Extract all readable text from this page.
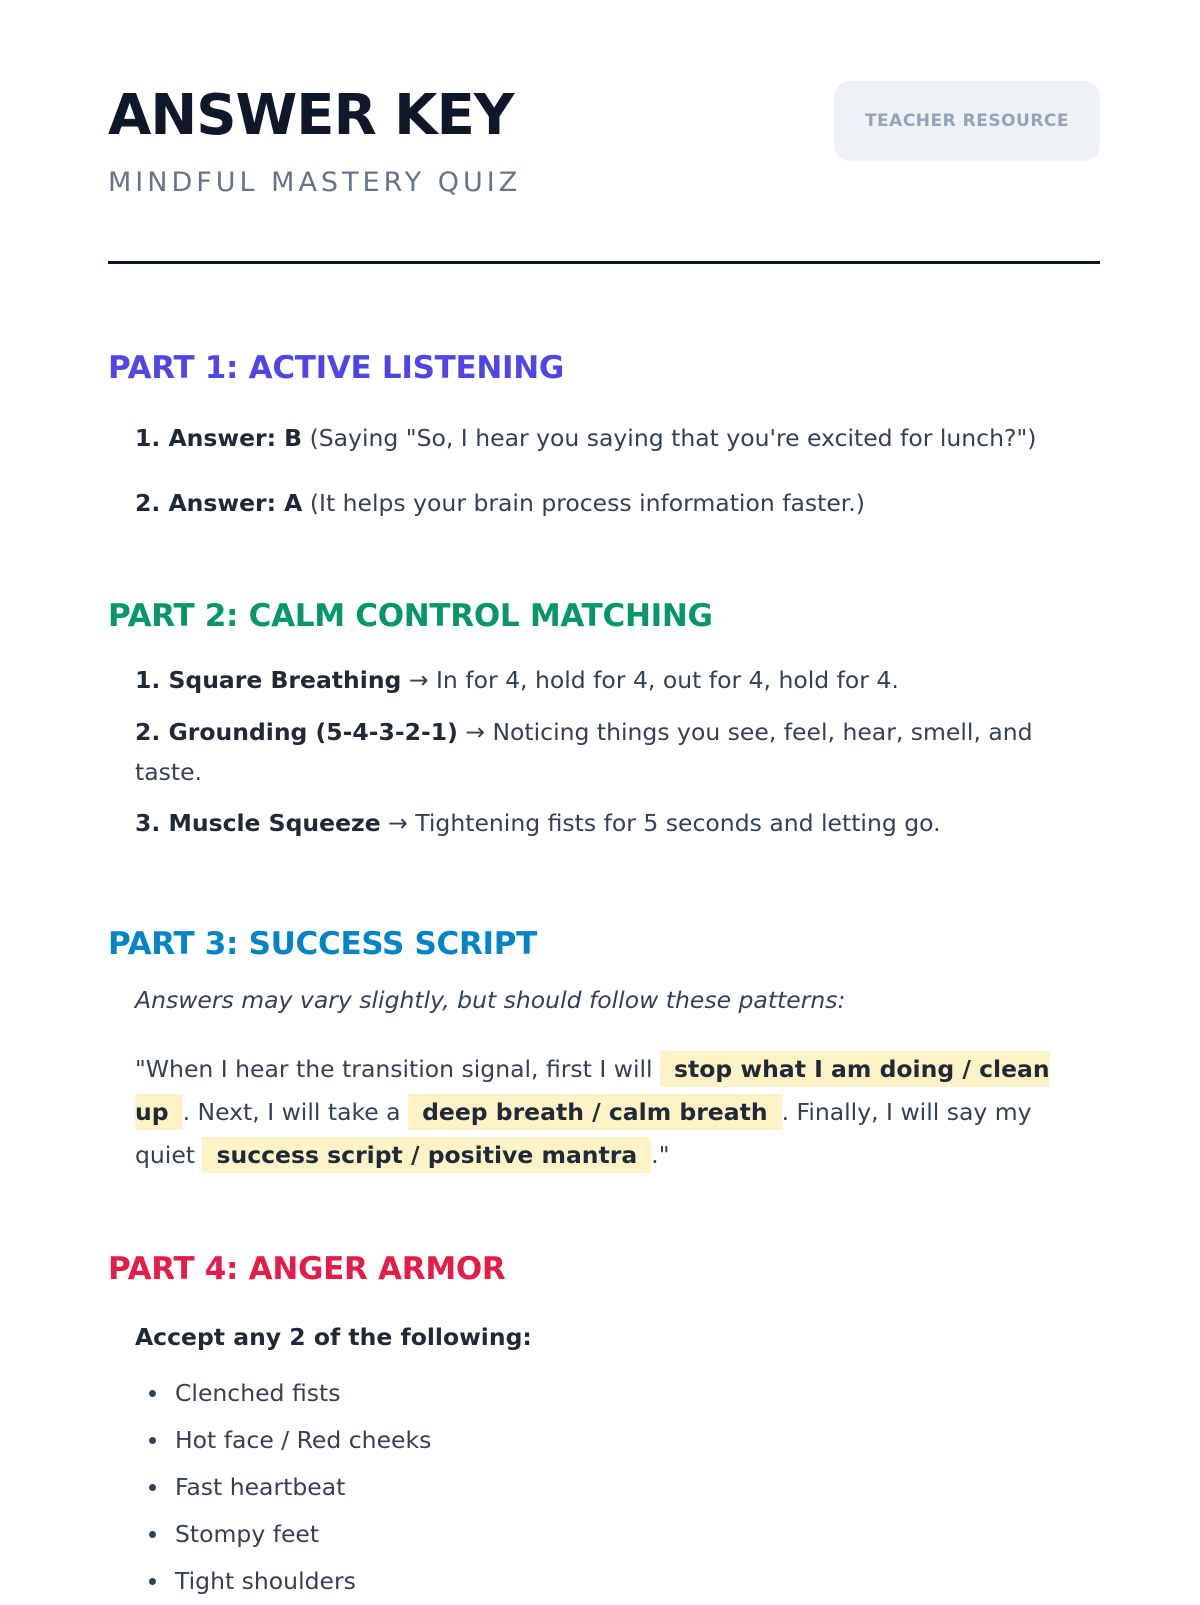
ANSWER KEY
MINDFUL MASTERY QUIZ
TEACHER RESOURCE
PART 1: ACTIVE LISTENING
1. Answer: B (Saying "So, I hear you saying that you're excited for lunch?")
2. Answer: A (It helps your brain process information faster.)
PART 2: CALM CONTROL MATCHING
1. Square Breathing → In for 4, hold for 4, out for 4, hold for 4.
2. Grounding (5-4-3-2-1) → Noticing things you see, feel, hear, smell, and taste.
3. Muscle Squeeze → Tightening fists for 5 seconds and letting go.
PART 3: SUCCESS SCRIPT
Answers may vary slightly, but should follow these patterns:
"When I hear the transition signal, first I will stop what I am doing / clean up . Next, I will take a deep breath / calm breath . Finally, I will say my quiet success script / positive mantra ."
PART 4: ANGER ARMOR
Accept any 2 of the following:
Clenched fists
Hot face / Red cheeks
Fast heartbeat
Stompy feet
Tight shoulders
